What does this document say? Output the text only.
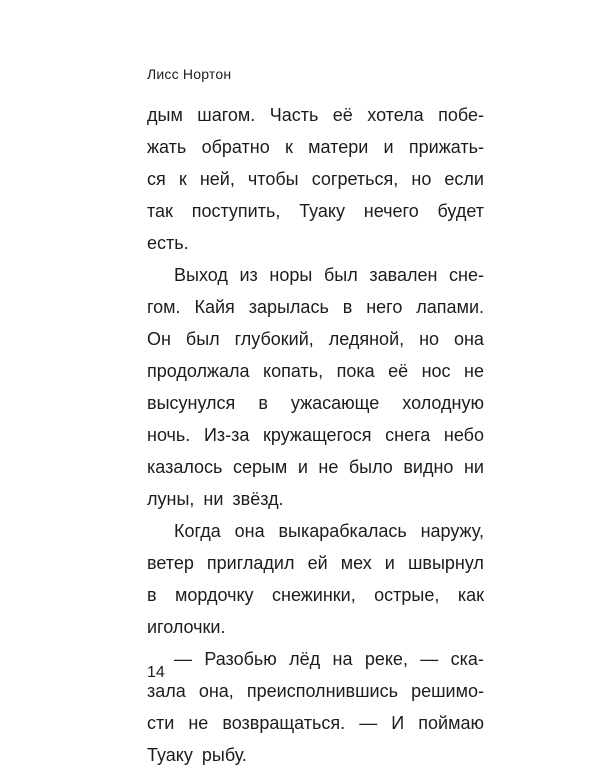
Лисс Нортон
дым шагом. Часть её хотела побе-
жать обратно к матери и прижать-
ся к ней, чтобы согреться, но если
так поступить, Туаку нечего будет
есть.
Выход из норы был завален сне-
гом. Кайя зарылась в него лапами.
Он был глубокий, ледяной, но она
продолжала копать, пока её нос не
высунулся в ужасающе холодную
ночь. Из-за кружащегося снега небо
казалось серым и не было видно ни
луны, ни звёзд.
Когда она выкарабкалась наружу,
ветер пригладил ей мех и швырнул
в мордочку снежинки, острые, как
иголочки.
— Разобью лёд на реке, — ска-
зала она, преисполнившись решимо-
сти не возвращаться. — И поймаю
Туаку рыбу.
14
